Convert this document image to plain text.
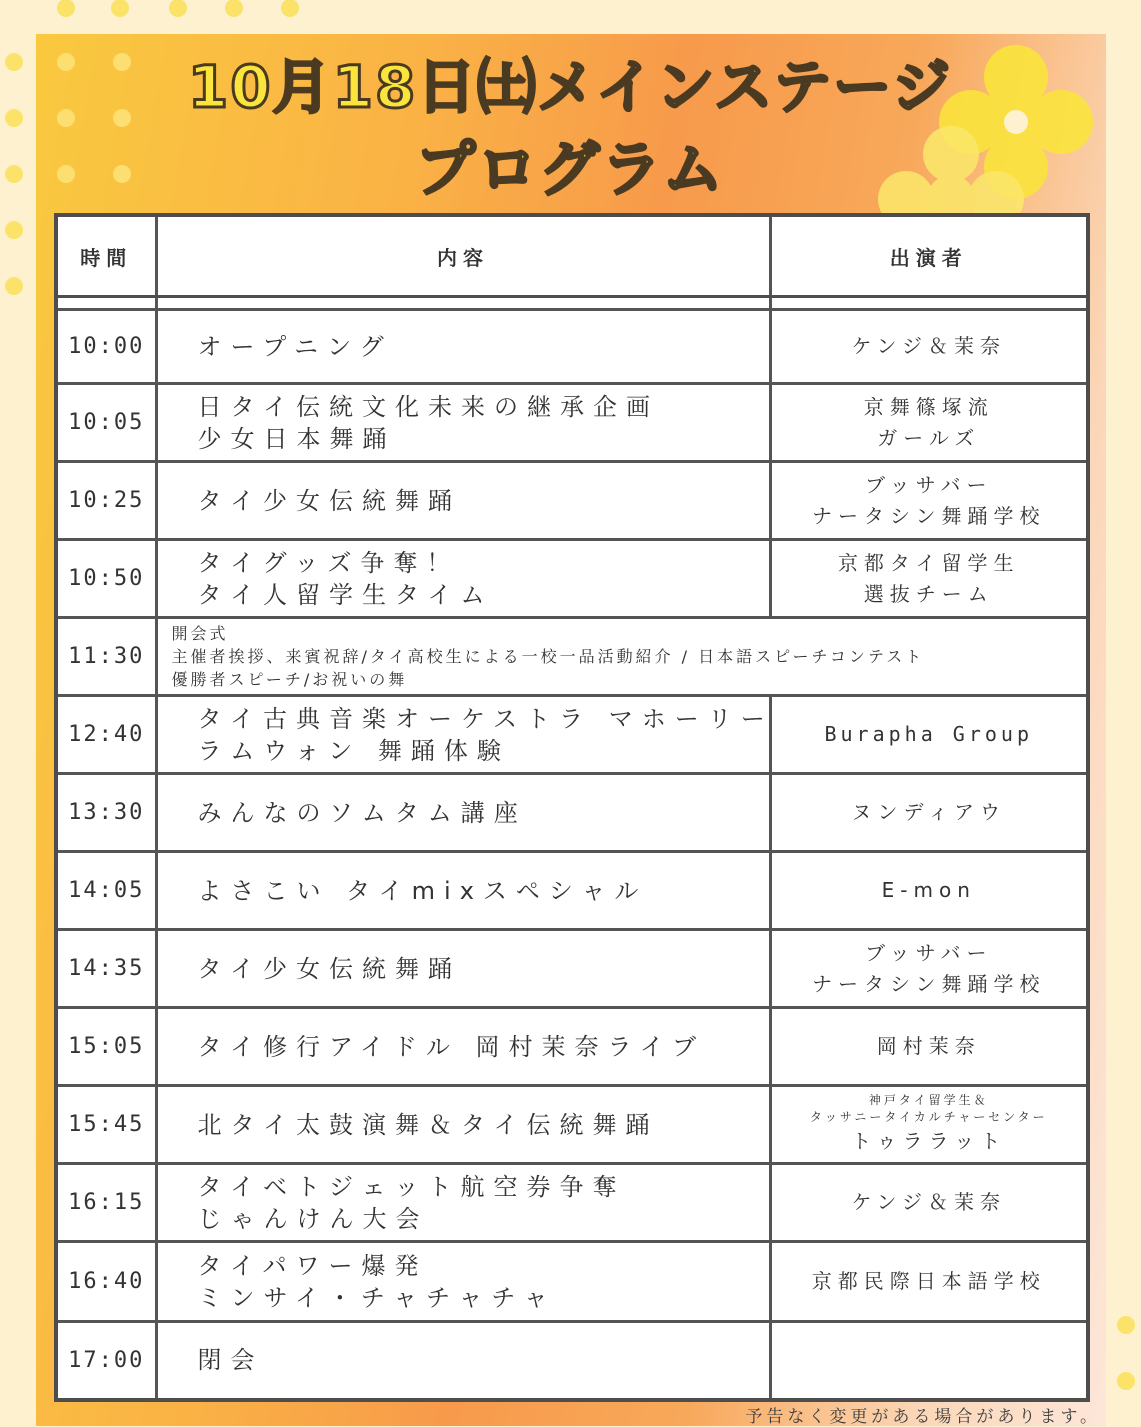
10月18日㈯メインステージ
プログラム
時間	内容	出演者

10:00	オープニング	ケンジ＆茉奈

10:05	日タイ伝統文化未来の継承企画
少女日本舞踊	京舞篠塚流
ガールズ

10:25	タイ少女伝統舞踊	ブッサバー
ナータシン舞踊学校

10:50	タイグッズ争奪！
タイ人留学生タイム	京都タイ留学生
選抜チーム

11:30	開会式
主催者挨拶、来賓祝辞/タイ高校生による一校一品活動紹介 / 日本語スピーチコンテスト
優勝者スピーチ/お祝いの舞	

12:40	タイ古典音楽オーケストラ マホーリー
ラムウォン 舞踊体験	Burapha Group

13:30	みんなのソムタム講座	ヌンディアウ

14:05	よさこい タイmixスペシャル	E-mon

14:35	タイ少女伝統舞踊	ブッサバー
ナータシン舞踊学校

15:05	タイ修行アイドル 岡村茉奈ライブ	岡村茉奈

15:45	北タイ太鼓演舞＆タイ伝統舞踊	神戸タイ留学生＆
タッサニータイカルチャーセンター
トゥララット

16:15	タイベトジェット航空券争奪
じゃんけん大会	ケンジ＆茉奈

16:40	タイパワー爆発
ミンサイ・チャチャチャ	京都民際日本語学校

17:00	閉会	

予告なく変更がある場合があります。
